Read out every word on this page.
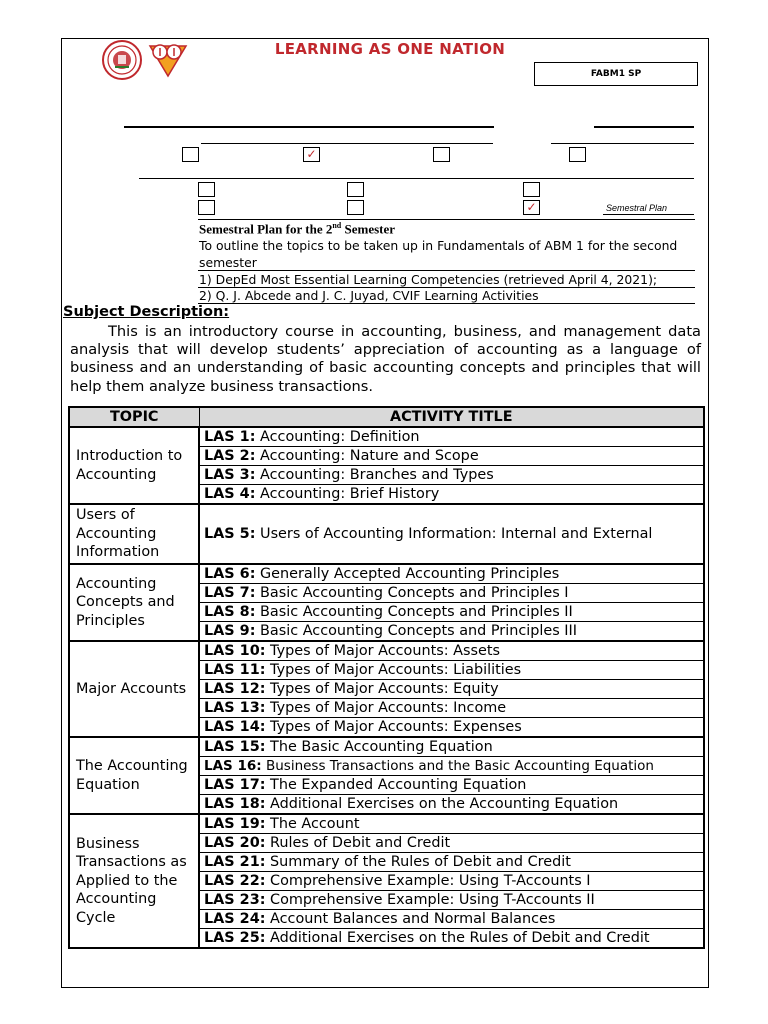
LEARNING AS ONE NATION
FABM1 SP
✓
✓	Semestral Plan
Semestral Plan for the 2nd Semester
To outline the topics to be taken up in Fundamentals of ABM 1 for the second semester
1) DepEd Most Essential Learning Competencies (retrieved April 4, 2021);
2) Q. J. Abcede and J. C. Juyad, CVIF Learning Activities
Subject Description:
This is an introductory course in accounting, business, and management data analysis that will develop students’ appreciation of accounting as a language of business and an understanding of basic accounting concepts and principles that will help them analyze business transactions.
TOPIC	ACTIVITY TITLE
Introduction to Accounting	LAS 1: Accounting: Definition
	LAS 2: Accounting: Nature and Scope
	LAS 3: Accounting: Branches and Types
	LAS 4: Accounting: Brief History
Users of Accounting Information	LAS 5: Users of Accounting Information: Internal and External
Accounting Concepts and Principles	LAS 6: Generally Accepted Accounting Principles
	LAS 7: Basic Accounting Concepts and Principles I
	LAS 8: Basic Accounting Concepts and Principles II
	LAS 9: Basic Accounting Concepts and Principles III
Major Accounts	LAS 10: Types of Major Accounts: Assets
	LAS 11: Types of Major Accounts: Liabilities
	LAS 12: Types of Major Accounts: Equity
	LAS 13: Types of Major Accounts: Income
	LAS 14: Types of Major Accounts: Expenses
The Accounting Equation	LAS 15: The Basic Accounting Equation
	LAS 16: Business Transactions and the Basic Accounting Equation
	LAS 17: The Expanded Accounting Equation
	LAS 18: Additional Exercises on the Accounting Equation
Business Transactions as Applied to the Accounting Cycle	LAS 19: The Account
	LAS 20: Rules of Debit and Credit
	LAS 21: Summary of the Rules of Debit and Credit
	LAS 22: Comprehensive Example: Using T-Accounts I
	LAS 23: Comprehensive Example: Using T-Accounts II
	LAS 24: Account Balances and Normal Balances
	LAS 25: Additional Exercises on the Rules of Debit and Credit
